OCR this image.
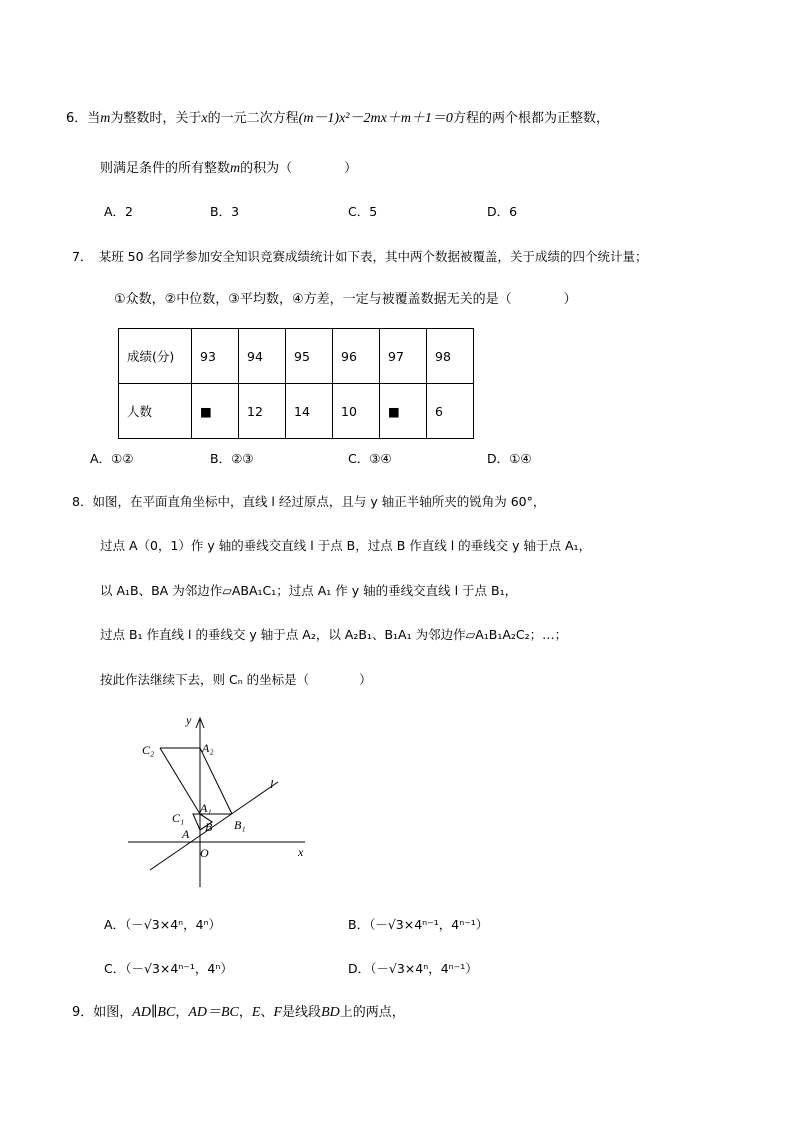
6．当m为整数时，关于x的一元二次方程(m－1)x²－2mx＋m＋1＝0方程的两个根都为正整数，
则满足条件的所有整数m的积为（　　　　）
A．2	B．3	C．5	D．6
7．　某班 50 名同学参加安全知识竞赛成绩统计如下表，其中两个数据被覆盖，关于成绩的四个统计量；
①众数，②中位数，③平均数，④方差，一定与被覆盖数据无关的是（　　　　）
成绩(分)	93	94	95	96	97	98
人数	■	12	14	10	■	6
A．①②	B．②③	C．③④	D．①④
8．如图，在平面直角坐标中，直线 l 经过原点，且与 y 轴正半轴所夹的锐角为 60°，
过点 A（0，1）作 y 轴的垂线交直线 l 于点 B，过点 B 作直线 l 的垂线交 y 轴于点 A₁，
以 A₁B、BA 为邻边作▱ABA₁C₁；过点 A₁ 作 y 轴的垂线交直线 l 于点 B₁，
过点 B₁ 作直线 l 的垂线交 y 轴于点 A₂，以 A₂B₁、B₁A₁ 为邻边作▱A₁B₁A₂C₂；…；
按此作法继续下去，则 Cₙ 的坐标是（　　　　）
y
x
l
O
A B
A₁
B₁
C₁
A₂
C₂
A．（－√3×4ⁿ，4ⁿ）	B．（－√3×4ⁿ⁻¹，4ⁿ⁻¹）
C．（－√3×4ⁿ⁻¹，4ⁿ）	D．（－√3×4ⁿ，4ⁿ⁻¹）
9．如图，AD∥BC，AD＝BC，E、F是线段BD上的两点，
